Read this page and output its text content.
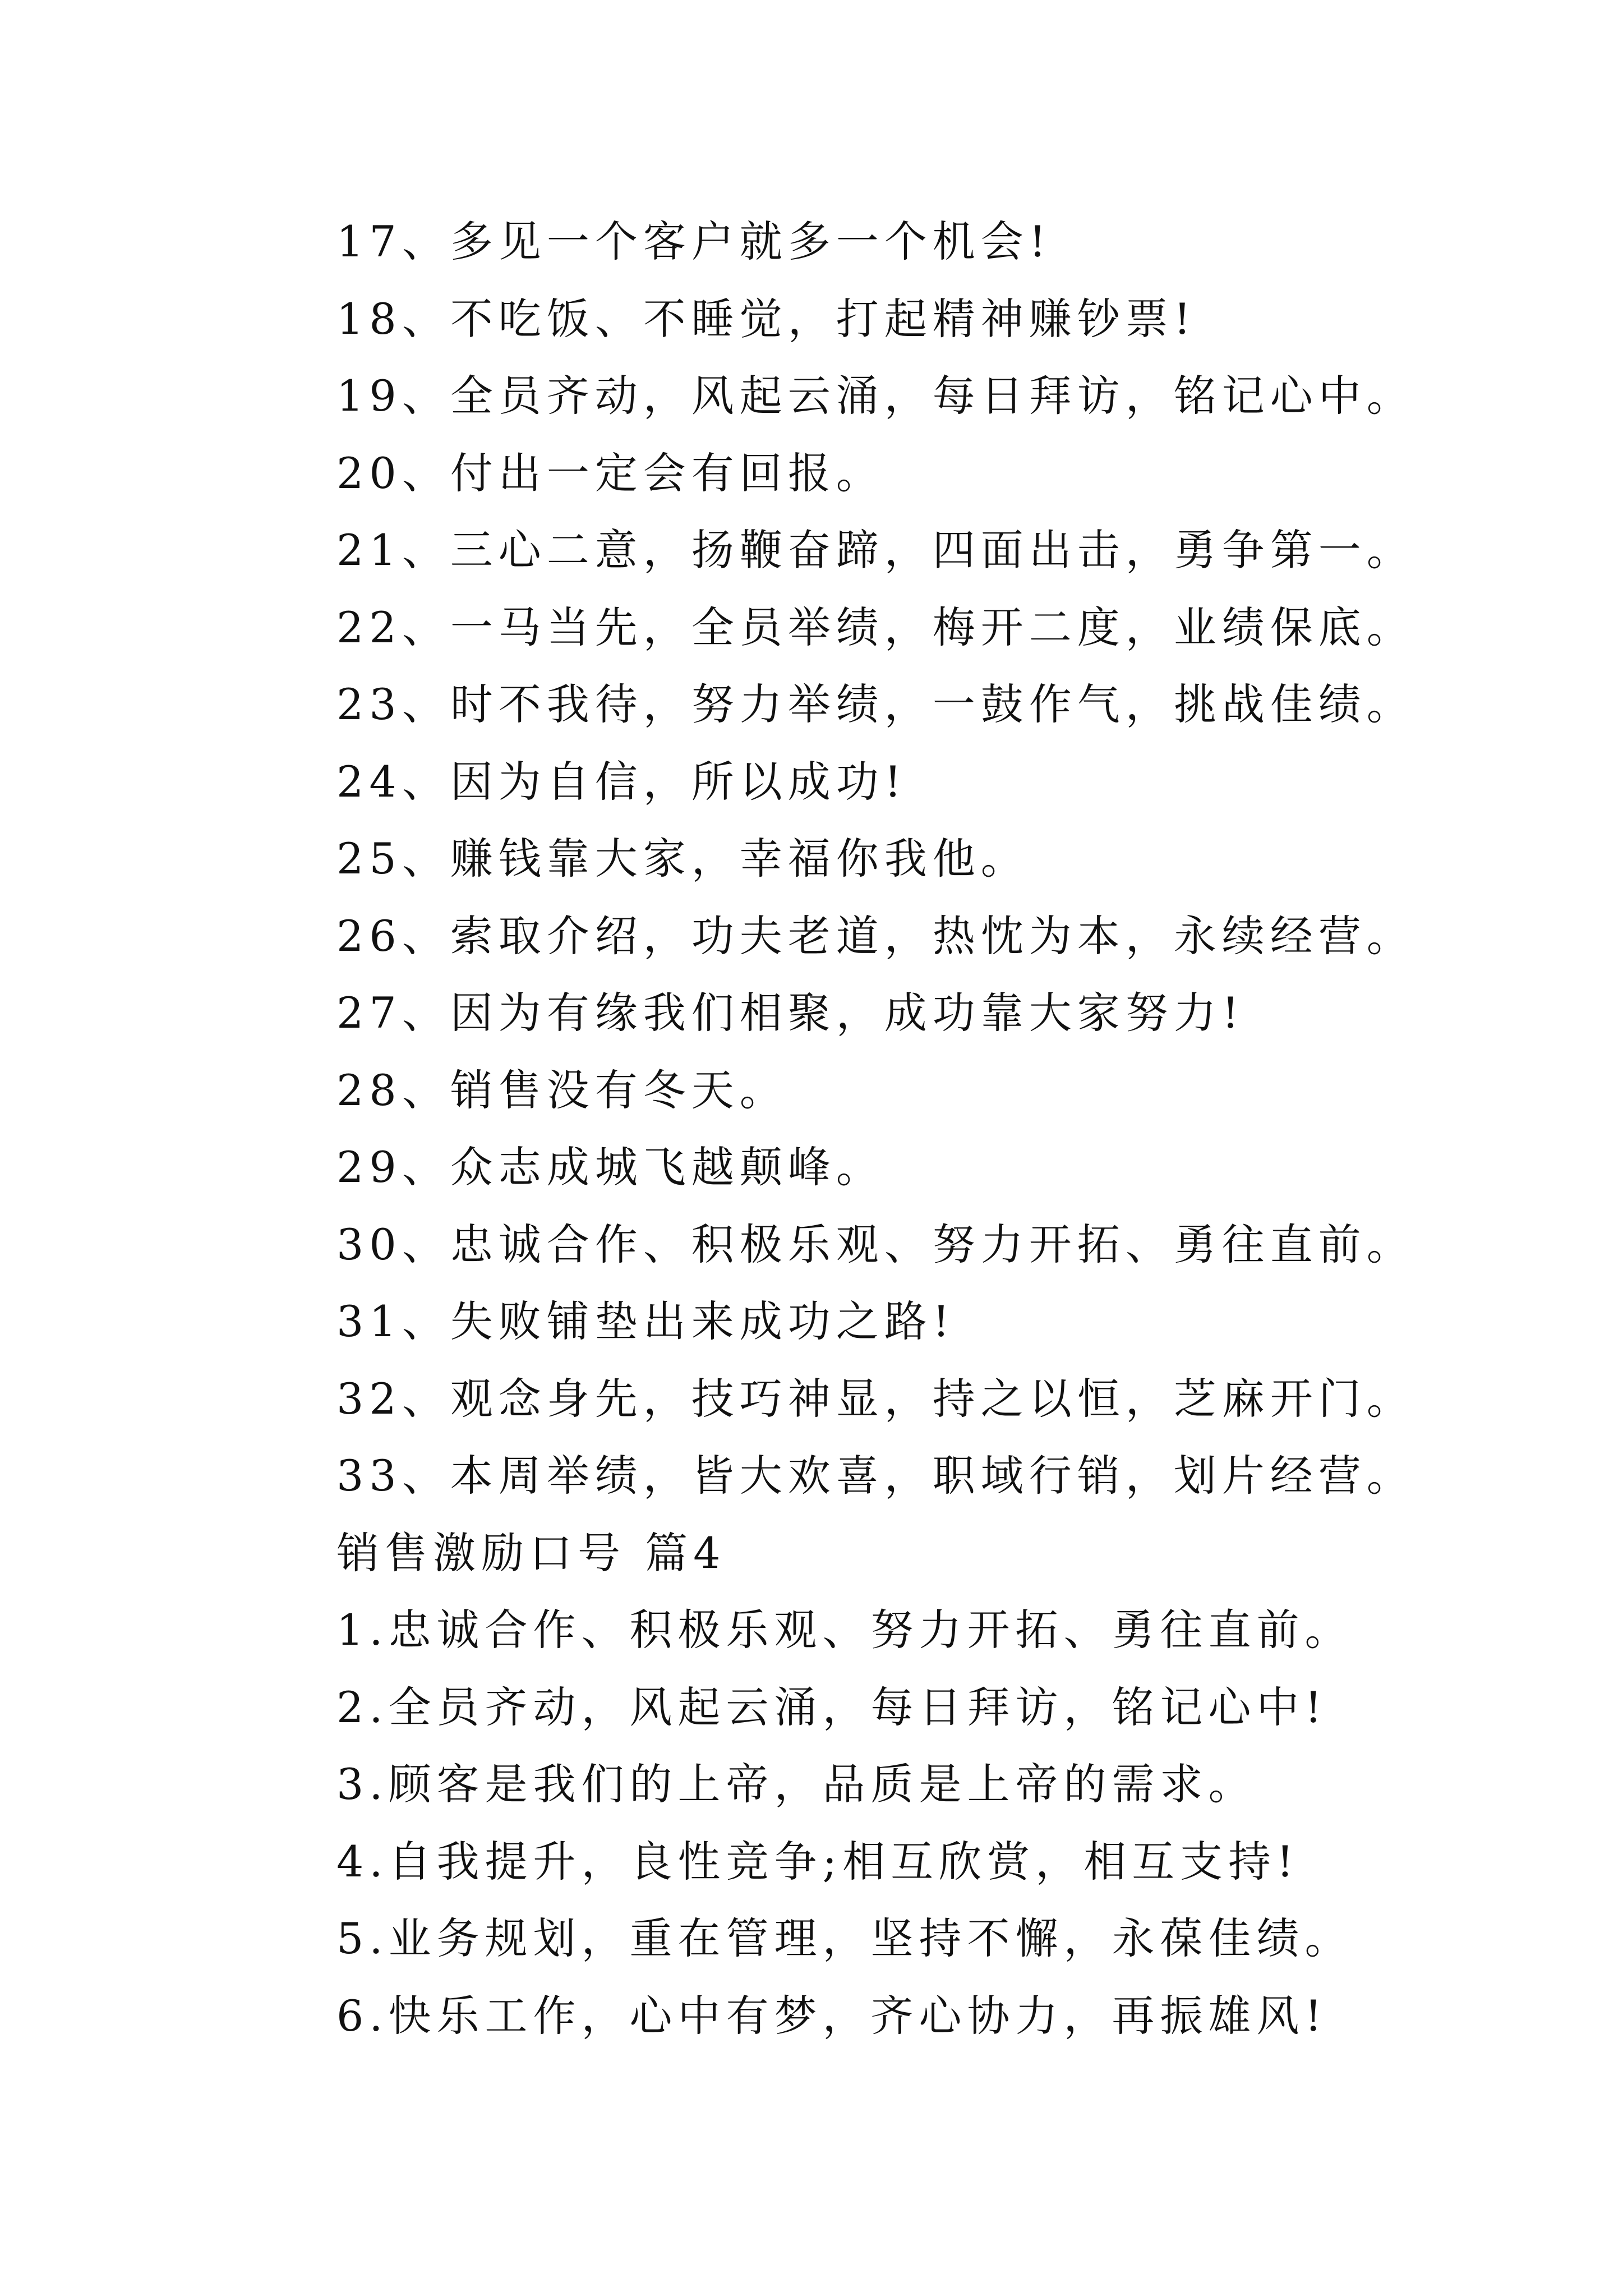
17、多见一个客户就多一个机会!
18、不吃饭、不睡觉，打起精神赚钞票!
19、全员齐动，风起云涌，每日拜访，铭记心中。
20、付出一定会有回报。
21、三心二意，扬鞭奋蹄，四面出击，勇争第一。
22、一马当先，全员举绩，梅开二度，业绩保底。
23、时不我待，努力举绩，一鼓作气，挑战佳绩。
24、因为自信，所以成功!
25、赚钱靠大家，幸福你我他。
26、索取介绍，功夫老道，热忱为本，永续经营。
27、因为有缘我们相聚，成功靠大家努力!
28、销售没有冬天。
29、众志成城飞越颠峰。
30、忠诚合作、积极乐观、努力开拓、勇往直前。
31、失败铺垫出来成功之路!
32、观念身先，技巧神显，持之以恒，芝麻开门。
33、本周举绩，皆大欢喜，职域行销，划片经营。
销售激励口号 篇4
1.忠诚合作、积极乐观、努力开拓、勇往直前。
2.全员齐动，风起云涌，每日拜访，铭记心中!
3.顾客是我们的上帝，品质是上帝的需求。
4.自我提升，良性竞争;相互欣赏，相互支持!
5.业务规划，重在管理，坚持不懈，永葆佳绩。
6.快乐工作，心中有梦，齐心协力，再振雄风!
